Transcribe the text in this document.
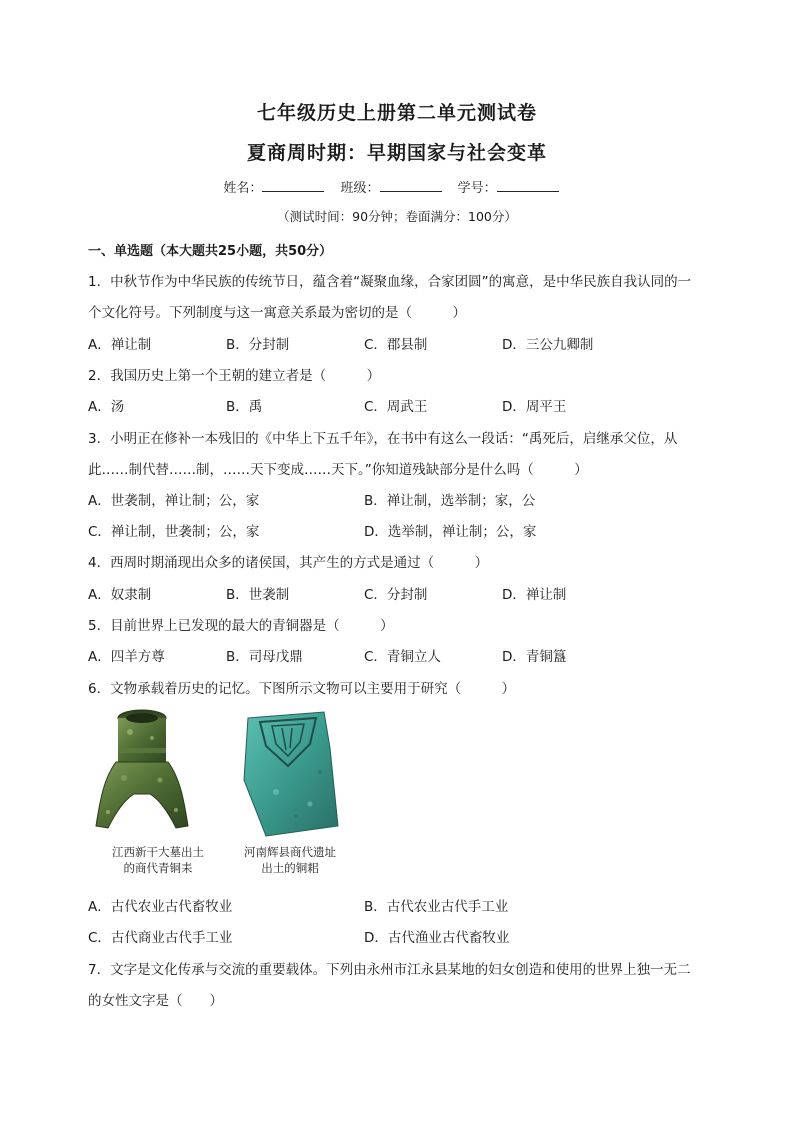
七年级历史上册第二单元测试卷
夏商周时期：早期国家与社会变革
姓名：	班级：	学号：
（测试时间：90分钟；卷面满分：100分）
一、单选题（本大题共25小题，共50分）
1．中秋节作为中华民族的传统节日，蕴含着“凝聚血缘，合家团圆”的寓意，是中华民族自我认同的一
个文化符号。下列制度与这一寓意关系最为密切的是（　　　）
A．禅让制	B．分封制	C．郡县制	D．三公九卿制
2．我国历史上第一个王朝的建立者是（　　　）
A．汤	B．禹	C．周武王	D．周平王
3．小明正在修补一本残旧的《中华上下五千年》，在书中有这么一段话：“禹死后，启继承父位，从
此……制代替……制，……天下变成……天下。”你知道残缺部分是什么吗（　　　）
A．世袭制，禅让制；公，家	B．禅让制，选举制；家，公
C．禅让制，世袭制；公，家	D．选举制，禅让制；公，家
4．西周时期涌现出众多的诸侯国，其产生的方式是通过（　　　）
A．奴隶制	B．世袭制	C．分封制	D．禅让制
5．目前世界上已发现的最大的青铜器是（　　　）
A．四羊方尊	B．司母戊鼎	C．青铜立人	D．青铜簋
6．文物承载着历史的记忆。下图所示文物可以主要用于研究（　　　）
江西新干大墓出土
的商代青铜耒
河南辉县商代遗址
出土的铜耜
A．古代农业古代畜牧业	B．古代农业古代手工业
C．古代商业古代手工业	D．古代渔业古代畜牧业
7．文字是文化传承与交流的重要载体。下列由永州市江永县某地的妇女创造和使用的世界上独一无二
的女性文字是（　　）
